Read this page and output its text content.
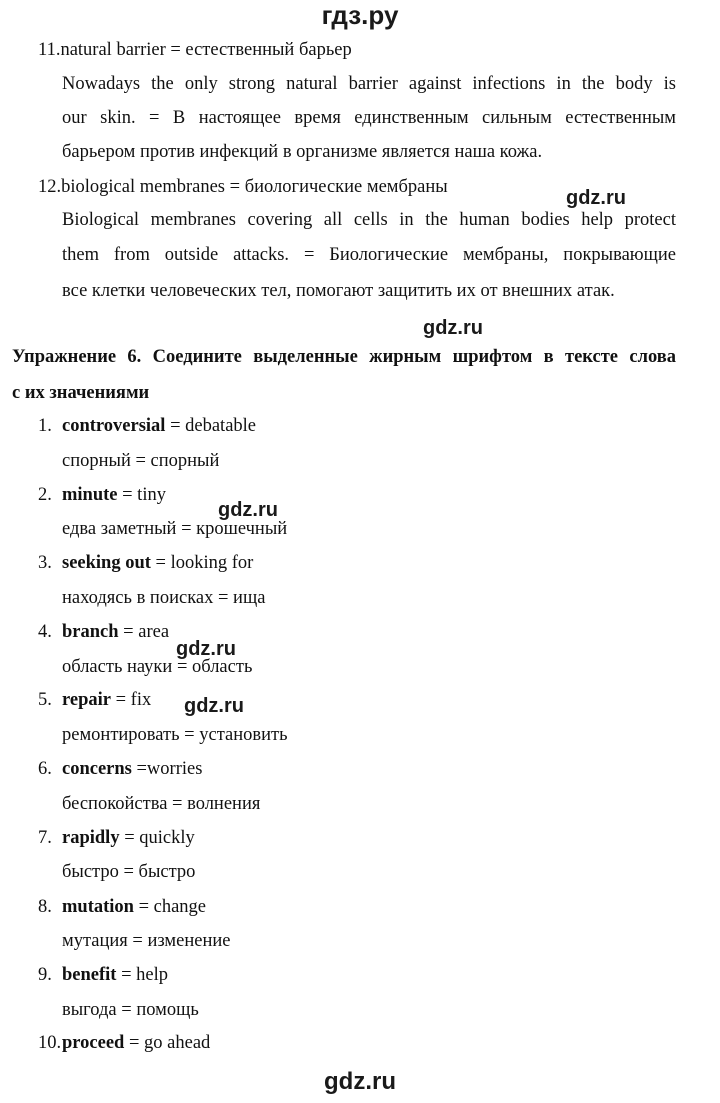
гдз.ру
11.natural barrier = естественный барьер
Nowadays the only strong natural barrier against infections in the body is
our skin. = В настоящее время единственным сильным естественным
барьером против инфекций в организме является наша кожа.
12.biological membranes = биологические мембраны	gdz.ru
Biological membranes covering all cells in the human bodies help protect
them from outside attacks. = Биологические мембраны, покрывающие
все клетки человеческих тел, помогают защитить их от внешних атак.
gdz.ru
Упражнение 6. Соедините выделенные жирным шрифтом в тексте слова
с их значениями
1. controversial = debatable
спорный = спорный
2. minute = tiny
gdz.ru
едва заметный = крошечный
3. seeking out = looking for
находясь в поисках = ища
4. branch = area
gdz.ru
область науки = область
5. repair = fix gdz.ru
ремонтировать = установить
6. concerns =worries
беспокойства = волнения
7. rapidly = quickly
быстро = быстро
8. mutation = change
мутация = изменение
9. benefit = help
выгода = помощь
10.proceed = go ahead
gdz.ru
